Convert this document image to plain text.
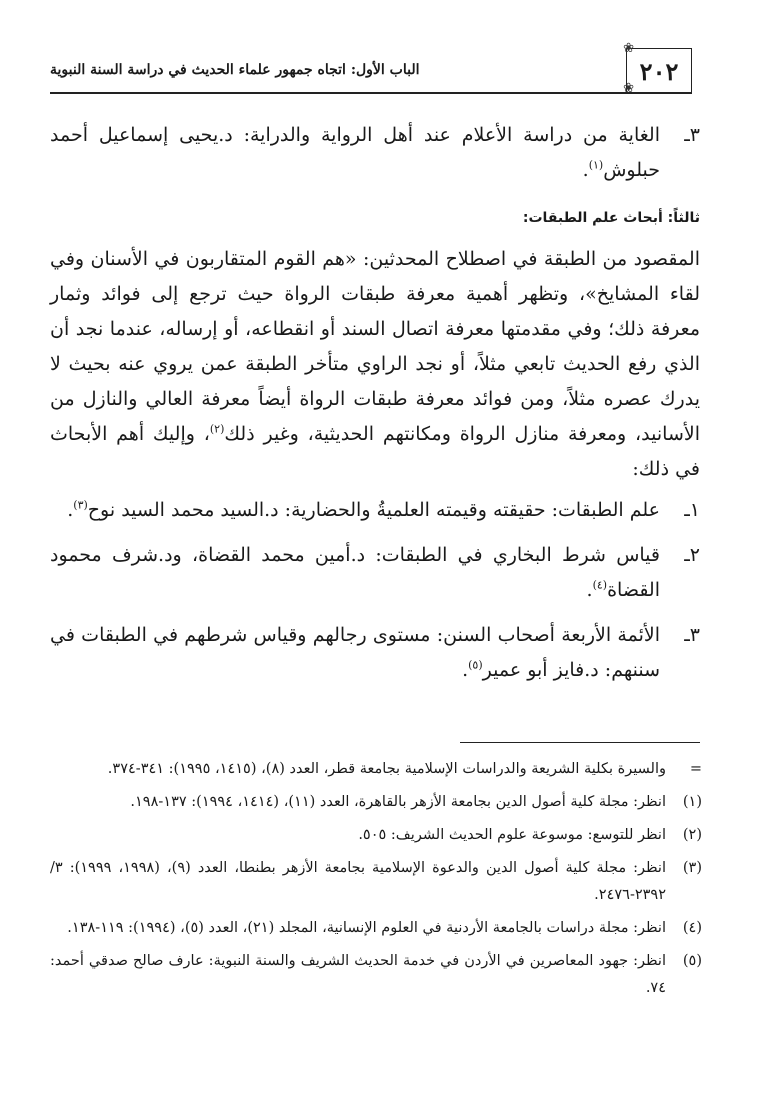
الباب الأول: اتجاه جمهور علماء الحديث في دراسة السنة النبوية	٢٠٢
❀
❀
٣ـ
الغاية من دراسة الأعلام عند أهل الرواية والدراية: د.يحيى إسماعيل أحمد حبلوش$^{(١)}$.
ثالثاً: أبحاث علم الطبقات:

المقصود من الطبقة في اصطلاح المحدثين: «هم القوم المتقاربون في الأسنان وفي لقاء المشايخ»، وتظهر أهمية معرفة طبقات الرواة حيث ترجع إلى فوائد وثمار معرفة ذلك؛ وفي مقدمتها معرفة اتصال السند أو انقطاعه، أو إرساله، عندما نجد أن الذي رفع الحديث تابعي مثلاً، أو نجد الراوي متأخر الطبقة عمن يروي عنه بحيث لا يدرك عصره مثلاً، ومن فوائد معرفة طبقات الرواة أيضاً معرفة العالي والنازل من الأسانيد، ومعرفة منازل الرواة ومكانتهم الحديثية، وغير ذلك$^{(٢)}$، وإليك أهم الأبحاث في ذلك:

١ـ
علم الطبقات: حقيقته وقيمته العلميةُ والحضارية: د.السيد محمد السيد نوح$^{(٣)}$.
٢ـ
قياس شرط البخاري في الطبقات: د.أمين محمد القضاة، ود.شرف محمود القضاة$^{(٤)}$.
٣ـ
الأئمة الأربعة أصحاب السنن: مستوى رجالهم وقياس شرطهم في الطبقات في سننهم: د.فايز أبو عمير$^{(٥)}$.
=
والسيرة بكلية الشريعة والدراسات الإسلامية بجامعة قطر، العدد (٨)، (١٤١٥، ١٩٩٥): ٣٤١-٣٧٤.
(١)
انظر: مجلة كلية أصول الدين بجامعة الأزهر بالقاهرة، العدد (١١)، (١٤١٤، ١٩٩٤): ١٣٧-١٩٨.
(٢)
انظر للتوسع: موسوعة علوم الحديث الشريف: ٥٠٥.
(٣)
انظر: مجلة كلية أصول الدين والدعوة الإسلامية بجامعة الأزهر بطنطا، العدد (٩)، (١٩٩٨، ١٩٩٩): ٣/ ٢٣٩٢-٢٤٧٦.
(٤)
انظر: مجلة دراسات بالجامعة الأردنية في العلوم الإنسانية، المجلد (٢١)، العدد (٥)، (١٩٩٤): ١١٩-١٣٨.
(٥)
انظر: جهود المعاصرين في الأردن في خدمة الحديث الشريف والسنة النبوية: عارف صالح صدقي أحمد: ٧٤.
